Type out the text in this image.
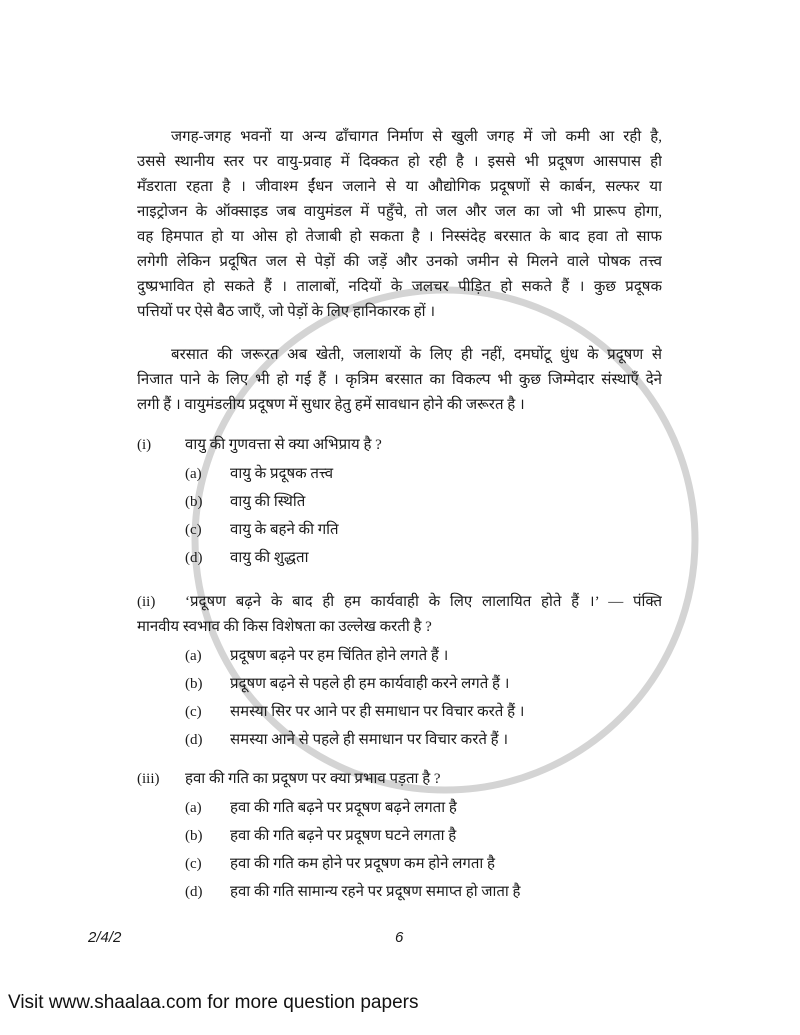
जगह-जगह भवनों या अन्य ढाँचागत निर्माण से खुली जगह में जो कमी आ रही है,
उससे स्थानीय स्तर पर वायु-प्रवाह में दिक्कत हो रही है । इससे भी प्रदूषण आसपास ही
मँडराता रहता है । जीवाश्म ईंधन जलाने से या औद्योगिक प्रदूषणों से कार्बन, सल्फर या
नाइट्रोजन के ऑक्साइड जब वायुमंडल में पहुँचे, तो जल और जल का जो भी प्रारूप होगा,
वह हिमपात हो या ओस हो तेजाबी हो सकता है । निस्संदेह बरसात के बाद हवा तो साफ
लगेगी लेकिन प्रदूषित जल से पेड़ों की जड़ें और उनको जमीन से मिलने वाले पोषक तत्त्व
दुष्प्रभावित हो सकते हैं । तालाबों, नदियों के जलचर पीड़ित हो सकते हैं । कुछ प्रदूषक
पत्तियों पर ऐसे बैठ जाएँ, जो पेड़ों के लिए हानिकारक हों ।
बरसात की जरूरत अब खेती, जलाशयों के लिए ही नहीं, दमघोंटू धुंध के प्रदूषण से
निजात पाने के लिए भी हो गई हैं । कृत्रिम बरसात का विकल्प भी कुछ जिम्मेदार संस्थाएँ देने
लगी हैं । वायुमंडलीय प्रदूषण में सुधार हेतु हमें सावधान होने की जरूरत है ।
(i)	वायु की गुणवत्ता से क्या अभिप्राय है ?
(a)	वायु के प्रदूषक तत्त्व
(b)	वायु की स्थिति
(c)	वायु के बहने की गति
(d)	वायु की शुद्धता
(ii)	‘प्रदूषण बढ़ने के बाद ही हम कार्यवाही के लिए लालायित होते हैं ।’ — पंक्ति
मानवीय स्वभाव की किस विशेषता का उल्लेख करती है ?
(a)	प्रदूषण बढ़ने पर हम चिंतित होने लगते हैं ।
(b)	प्रदूषण बढ़ने से पहले ही हम कार्यवाही करने लगते हैं ।
(c)	समस्या सिर पर आने पर ही समाधान पर विचार करते हैं ।
(d)	समस्या आने से पहले ही समाधान पर विचार करते हैं ।
(iii)	हवा की गति का प्रदूषण पर क्या प्रभाव पड़ता है ?
(a)	हवा की गति बढ़ने पर प्रदूषण बढ़ने लगता है
(b)	हवा की गति बढ़ने पर प्रदूषण घटने लगता है
(c)	हवा की गति कम होने पर प्रदूषण कम होने लगता है
(d)	हवा की गति सामान्य रहने पर प्रदूषण समाप्त हो जाता है
2/4/2	6
Visit www.shaalaa.com for more question papers
